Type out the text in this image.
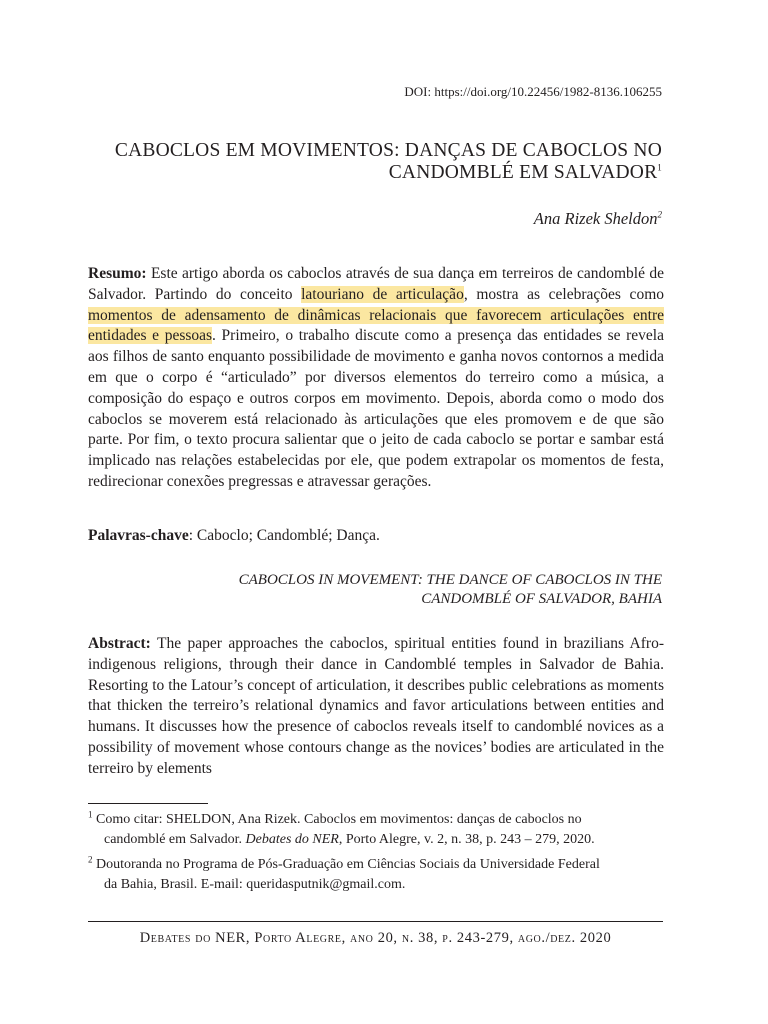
DOI: https://doi.org/10.22456/1982-8136.106255
CABOCLOS EM MOVIMENTOS: DANÇAS DE CABOCLOS NO
CANDOMBLÉ EM SALVADOR$^1$
Ana Rizek Sheldon$^2$
Resumo: Este artigo aborda os caboclos através de sua dança em terreiros de candomblé de Salvador. Partindo do conceito latouriano de articulação, mostra as celebrações como momentos de adensamento de dinâmicas relacionais que favorecem articulações entre entidades e pessoas. Primeiro, o trabalho discute como a presença das entidades se revela aos filhos de santo enquanto possibilidade de movimento e ganha novos contornos a medida em que o corpo é “articulado” por diversos elementos do terreiro como a música, a composição do espaço e outros corpos em movimento. Depois, aborda como o modo dos caboclos se moverem está relacionado às articulações que eles promovem e de que são parte. Por fim, o texto procura salientar que o jeito de cada caboclo se portar e sambar está implicado nas relações estabelecidas por ele, que podem extrapolar os momentos de festa, redirecionar conexões pregressas e atravessar gerações.
Palavras-chave: Caboclo; Candomblé; Dança.
CABOCLOS IN MOVEMENT: THE DANCE OF CABOCLOS IN THE
CANDOMBLÉ OF SALVADOR, BAHIA
Abstract: The paper approaches the caboclos, spiritual entities found in brazilians Afro-indigenous religions, through their dance in Candomblé temples in Salvador de Bahia. Resorting to the Latour’s concept of articulation, it describes public celebrations as moments that thicken the terreiro’s relational dynamics and favor articulations between entities and humans. It discusses how the presence of caboclos reveals itself to candomblé novices as a possibility of movement whose contours change as the novices’ bodies are articulated in the terreiro by elements
$^1$ Como citar: SHELDON, Ana Rizek. Caboclos em movimentos: danças de caboclos no
candomblé em Salvador. Debates do NER, Porto Alegre, v. 2, n. 38, p. 243 – 279, 2020.
$^2$ Doutoranda no Programa de Pós-Graduação em Ciências Sociais da Universidade Federal
da Bahia, Brasil. E-mail: queridasputnik@gmail.com.
Debates do NER, Porto Alegre, ano 20, n. 38, p. 243-279, ago./dez. 2020
